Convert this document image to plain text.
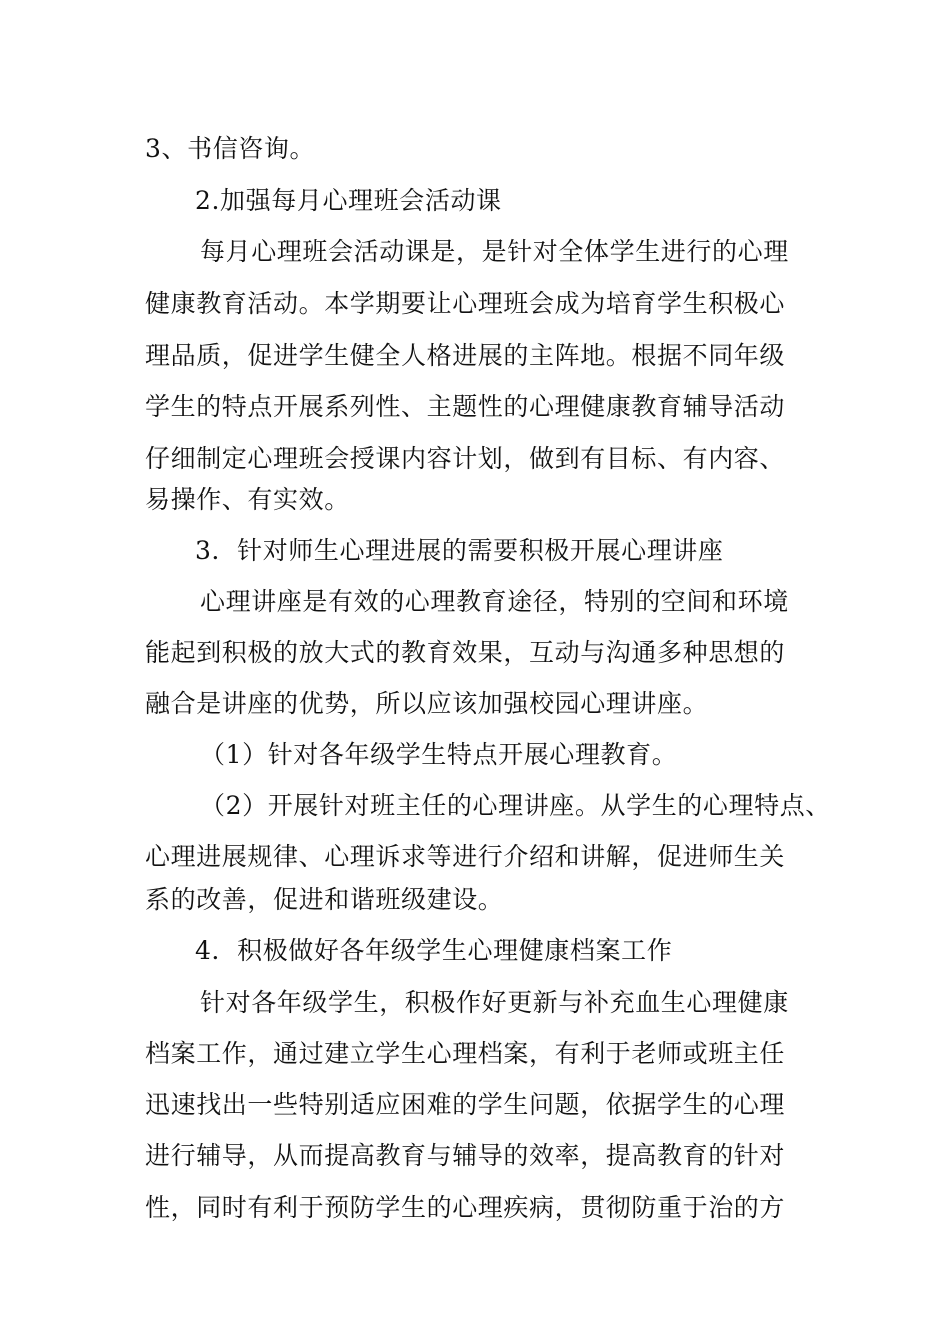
3、书信咨询。
2.加强每月心理班会活动课
每月心理班会活动课是，是针对全体学生进行的心理
健康教育活动。本学期要让心理班会成为培育学生积极心
理品质，促进学生健全人格进展的主阵地。根据不同年级
学生的特点开展系列性、主题性的心理健康教育辅导活动
仔细制定心理班会授课内容计划，做到有目标、有内容、
易操作、有实效。
3．针对师生心理进展的需要积极开展心理讲座
心理讲座是有效的心理教育途径，特别的空间和环境
能起到积极的放大式的教育效果，互动与沟通多种思想的
融合是讲座的优势，所以应该加强校园心理讲座。
（1）针对各年级学生特点开展心理教育。
（2）开展针对班主任的心理讲座。从学生的心理特点、
心理进展规律、心理诉求等进行介绍和讲解，促进师生关
系的改善，促进和谐班级建设。
4．积极做好各年级学生心理健康档案工作
针对各年级学生，积极作好更新与补充血生心理健康
档案工作，通过建立学生心理档案，有利于老师或班主任
迅速找出一些特别适应困难的学生问题，依据学生的心理
进行辅导，从而提高教育与辅导的效率，提高教育的针对
性，同时有利于预防学生的心理疾病，贯彻防重于治的方
